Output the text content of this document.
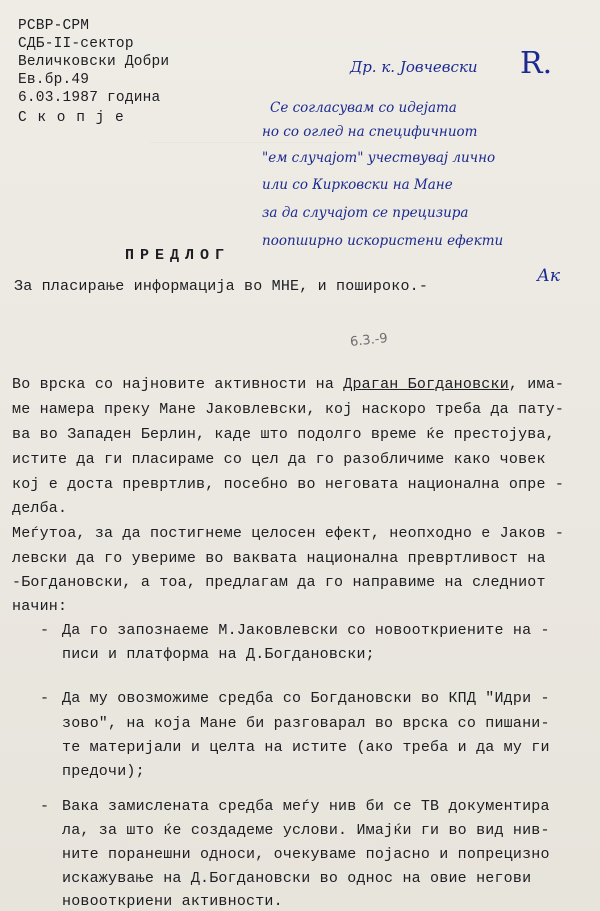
________________________
РСВР-СРМ
СДБ-II-сектор
Величковски Добри
Ев.бр.49
6.03.1987 година
С к о п ј е
Др. к. Јовчевски R.
Се согласувам со идејата
но со оглед на специфичниот
"ем случајот" учествувај лично
или со Кирковски на Мане
за да случајот се прецизира
поопширно искористени ефекти
Ак
6.3.-9
ПРЕДЛОГ
За пласирање информација во МНЕ, и пошироко.-
Во врска со најновите активности на Драган Богдановски, има-
ме намера преку Мане Јаковлевски, кој наскоро треба да пату-
ва во Западен Берлин, каде што подолго време ќе престојува,
истите да ги пласираме со цел да го разобличиме како човек
кој е доста превртлив, посебно во неговата национална опре -
делба.
Меѓутоа, за да постигнеме целосен ефект, неопходно е Јаков -
левски да го увериме во ваквата национална превртливост на
-Богдановски, а тоа, предлагам да го направиме на следниот
начин:
- Да го запознаеме М.Јаковлевски со новооткриените на -
писи и платформа на Д.Богдановски;
- Да му овозможиме средба со Богдановски во КПД "Идри -
зово", на која Мане би разговарал во врска со пишани-
те материјали и целта на истите (ако треба и да му ги
предочи);
- Вака замислената средба меѓу нив би се ТВ документира
ла, за што ќе создадеме услови. Имајќи ги во вид нив-
ните поранешни односи, очекуваме појасно и попрецизно
искажување на Д.Богдановски во однос на овие негови
новооткриени активности.
